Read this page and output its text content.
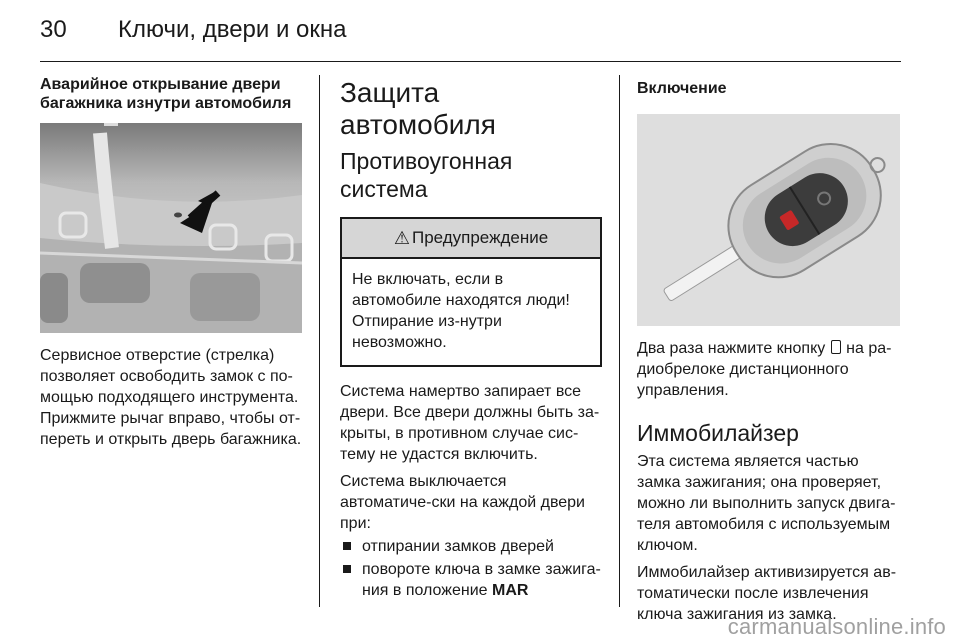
30 Ключи, двери и окна

Аварийное открывание двери багажника изнутри автомобиля

Сервисное отверстие (стрелка) позволяет освободить замок с по-мощью подходящего инструмента. Прижмите рычаг вправо, чтобы от-переть и открыть дверь багажника.

Защита автомобиля
Противоугонная система
⚠ Предупреждение
Не включать, если в автомобиле находятся люди! Отпирание из-нутри невозможно.

Система намертво запирает все двери. Все двери должны быть за-крыты, в противном случае сис-тему не удастся включить.

Система выключается автоматиче-ски на каждой двери при:

отпирании замков дверей
повороте ключа в замке зажига-ния в положение MAR

Включение

Два раза нажмите кнопку  на ра-диобрелоке дистанционного управления.

Иммобилайзер

Эта система является частью замка зажигания; она проверяет, можно ли выполнить запуск двига-теля автомобиля с используемым ключом.

Иммобилайзер активизируется ав-томатически после извлечения ключа зажигания из замка.

carmanualsonline.info
